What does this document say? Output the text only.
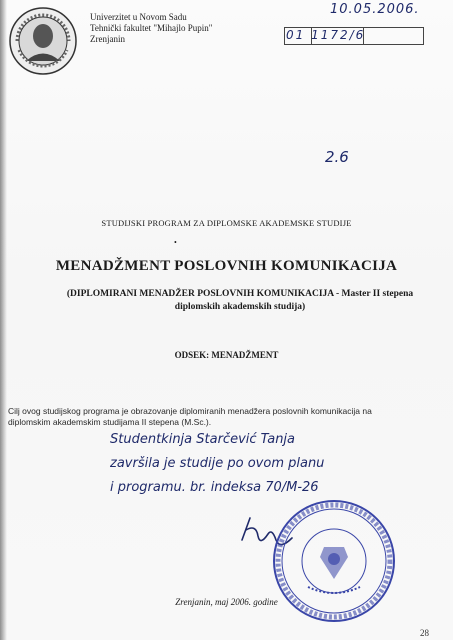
Univerzitet u Novom Sadu
Tehnički fakultet "Mihajlo Pupin"
Zrenjanin
10.05.2006.
01 1172/6
2.6
STUDIJSKI PROGRAM ZA DIPLOMSKE AKADEMSKE STUDIJE
•
MENADŽMENT POSLOVNIH KOMUNIKACIJA
(DIPLOMIRANI MENADŽER POSLOVNIH KOMUNIKACIJA - Master II stepena
diplomskih akademskih studija)
ODSEK: MENADŽMENT
Cilj ovog studijskog programa je obrazovanje diplomiranih menadžera poslovnih komunikacija na
diplomskim akademskim studijama II stepena (M.Sc.).
Studentkinja Starčević Tanja
završila je studije po ovom planu
i programu. br. indeksa 70/M-26
Zrenjanin, maj 2006. godine
28
